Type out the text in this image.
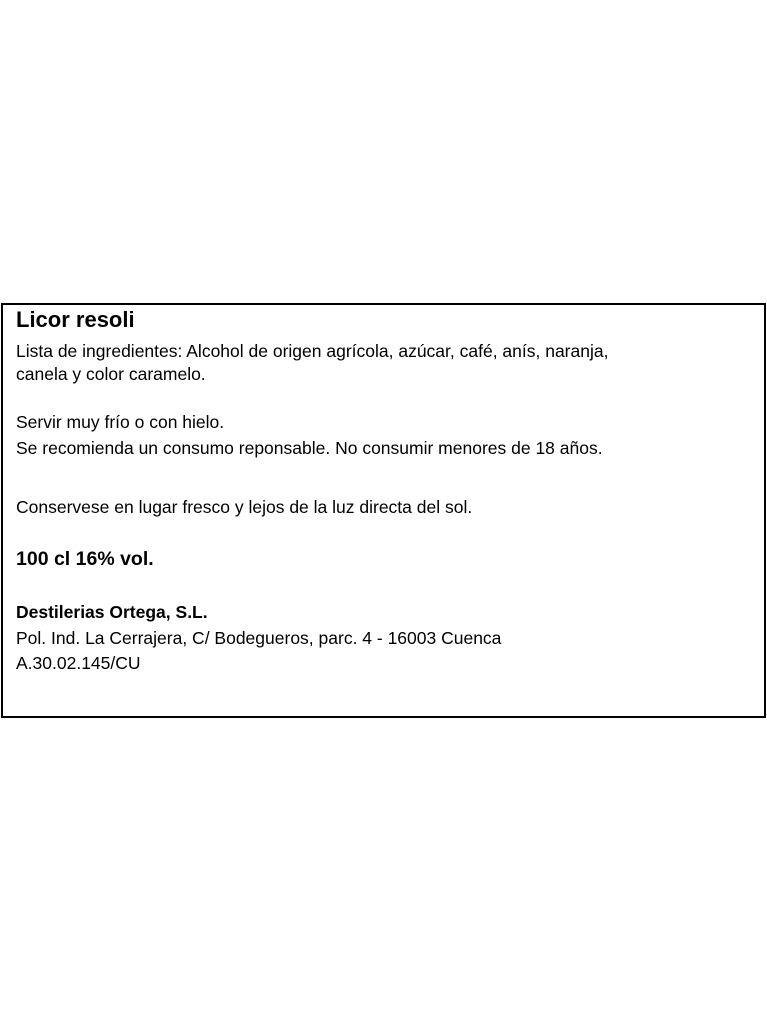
Licor resoli
Lista de ingredientes: Alcohol de origen agrícola, azúcar, café, anís, naranja,
canela y color caramelo.
Servir muy frío o con hielo.
Se recomienda un consumo reponsable. No consumir menores de 18 años.
Conservese en lugar fresco y lejos de la luz directa del sol.
100 cl 16% vol.
Destilerias Ortega, S.L.
Pol. Ind. La Cerrajera, C/ Bodegueros, parc. 4 - 16003 Cuenca
A.30.02.145/CU
